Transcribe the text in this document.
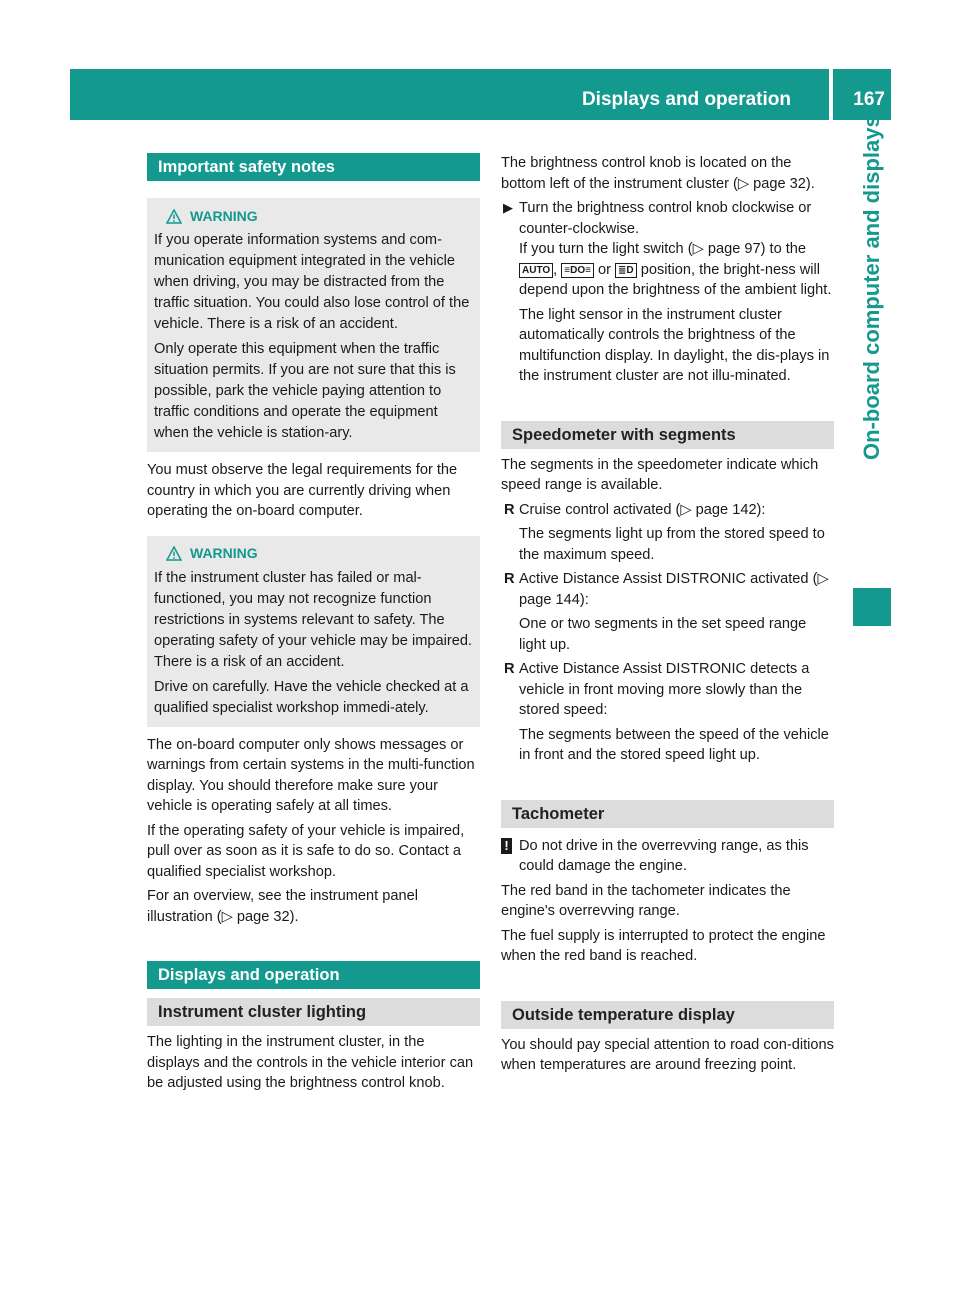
Displays and operation	167
On-board computer and displays
Important safety notes
WARNING

If you operate information systems and com-munication equipment integrated in the vehicle when driving, you may be distracted from the traffic situation. You could also lose control of the vehicle. There is a risk of an accident.

Only operate this equipment when the traffic situation permits. If you are not sure that this is possible, park the vehicle paying attention to traffic conditions and operate the equipment when the vehicle is station-ary.

You must observe the legal requirements for the country in which you are currently driving when operating the on-board computer.

WARNING

If the instrument cluster has failed or mal-functioned, you may not recognize function restrictions in systems relevant to safety. The operating safety of your vehicle may be impaired. There is a risk of an accident.

Drive on carefully. Have the vehicle checked at a qualified specialist workshop immedi-ately.

The on-board computer only shows messages or warnings from certain systems in the multi-function display. You should therefore make sure your vehicle is operating safely at all times.

If the operating safety of your vehicle is impaired, pull over as soon as it is safe to do so. Contact a qualified specialist workshop.

For an overview, see the instrument panel illustration (▷ page 32).

Displays and operation
Instrument cluster lighting

The lighting in the instrument cluster, in the displays and the controls in the vehicle interior can be adjusted using the brightness control knob.

The brightness control knob is located on the bottom left of the instrument cluster (▷ page 32).

▶ Turn the brightness control knob clockwise or counter-clockwise.

If you turn the light switch (▷ page 97) to the AUTO , ≡DO≡ or ≣D position, the bright-ness will depend upon the brightness of the ambient light.

The light sensor in the instrument cluster automatically controls the brightness of the multifunction display. In daylight, the dis-plays in the instrument cluster are not illu-minated.

Speedometer with segments

The segments in the speedometer indicate which speed range is available.

R Cruise control activated (▷ page 142):

The segments light up from the stored speed to the maximum speed.

R Active Distance Assist DISTRONIC activated (▷ page 144):

One or two segments in the set speed range light up.

R Active Distance Assist DISTRONIC detects a vehicle in front moving more slowly than the stored speed:

The segments between the speed of the vehicle in front and the stored speed light up.

Tachometer
! Do not drive in the overrevving range, as this could damage the engine.

The red band in the tachometer indicates the engine's overrevving range.

The fuel supply is interrupted to protect the engine when the red band is reached.

Outside temperature display

You should pay special attention to road con-ditions when temperatures are around freezing point.
